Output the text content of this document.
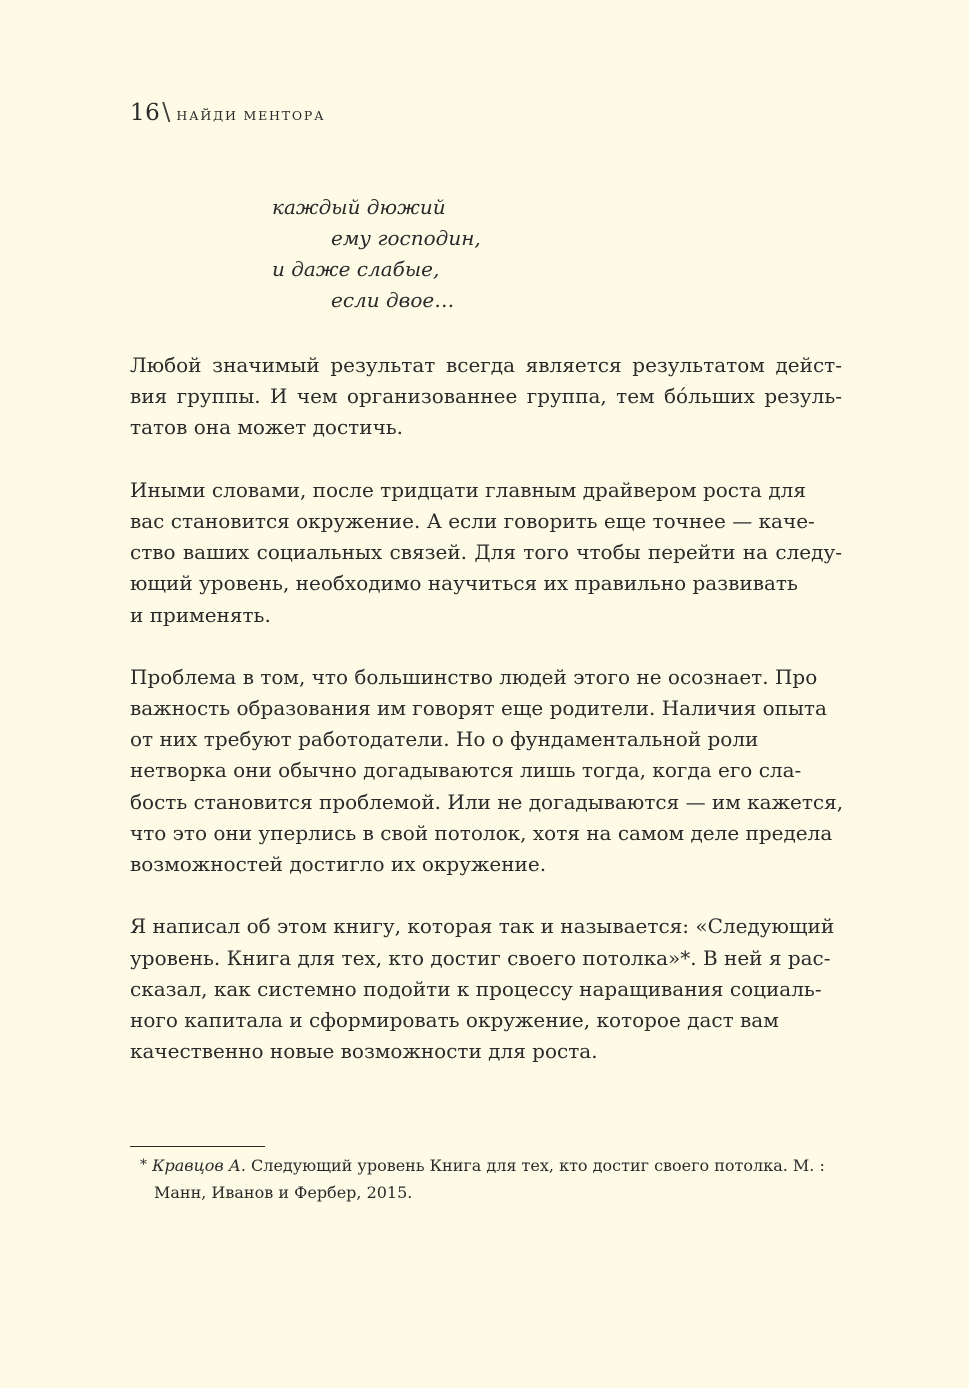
16 \ НАЙДИ МЕНТОРА
каждый дюжий
ему господин,
и даже слабые,
если двое…
Любой значимый результат всегда является результатом дейст-
вия группы. И чем организованнее группа, тем бóльших резуль-
татов она может достичь.
Иными словами, после тридцати главным драйвером роста для
вас становится окружение. А если говорить еще точнее — каче-
ство ваших социальных связей. Для того чтобы перейти на следу-
ющий уровень, необходимо научиться их правильно развивать
и применять.
Проблема в том, что большинство людей этого не осознает. Про
важность образования им говорят еще родители. Наличия опыта
от них требуют работодатели. Но о фундаментальной роли
нетворка они обычно догадываются лишь тогда, когда его сла-
бость становится проблемой. Или не догадываются — им кажется,
что это они уперлись в свой потолок, хотя на самом деле предела
возможностей достигло их окружение.
Я написал об этом книгу, которая так и называется: «Следующий
уровень. Книга для тех, кто достиг своего потолка»*. В ней я рас-
сказал, как системно подойти к процессу наращивания социаль-
ного капитала и сформировать окружение, которое даст вам
качественно новые возможности для роста.
* Кравцов А. Следующий уровень Книга для тех, кто достиг своего потолка. М. :
Манн, Иванов и Фербер, 2015.
